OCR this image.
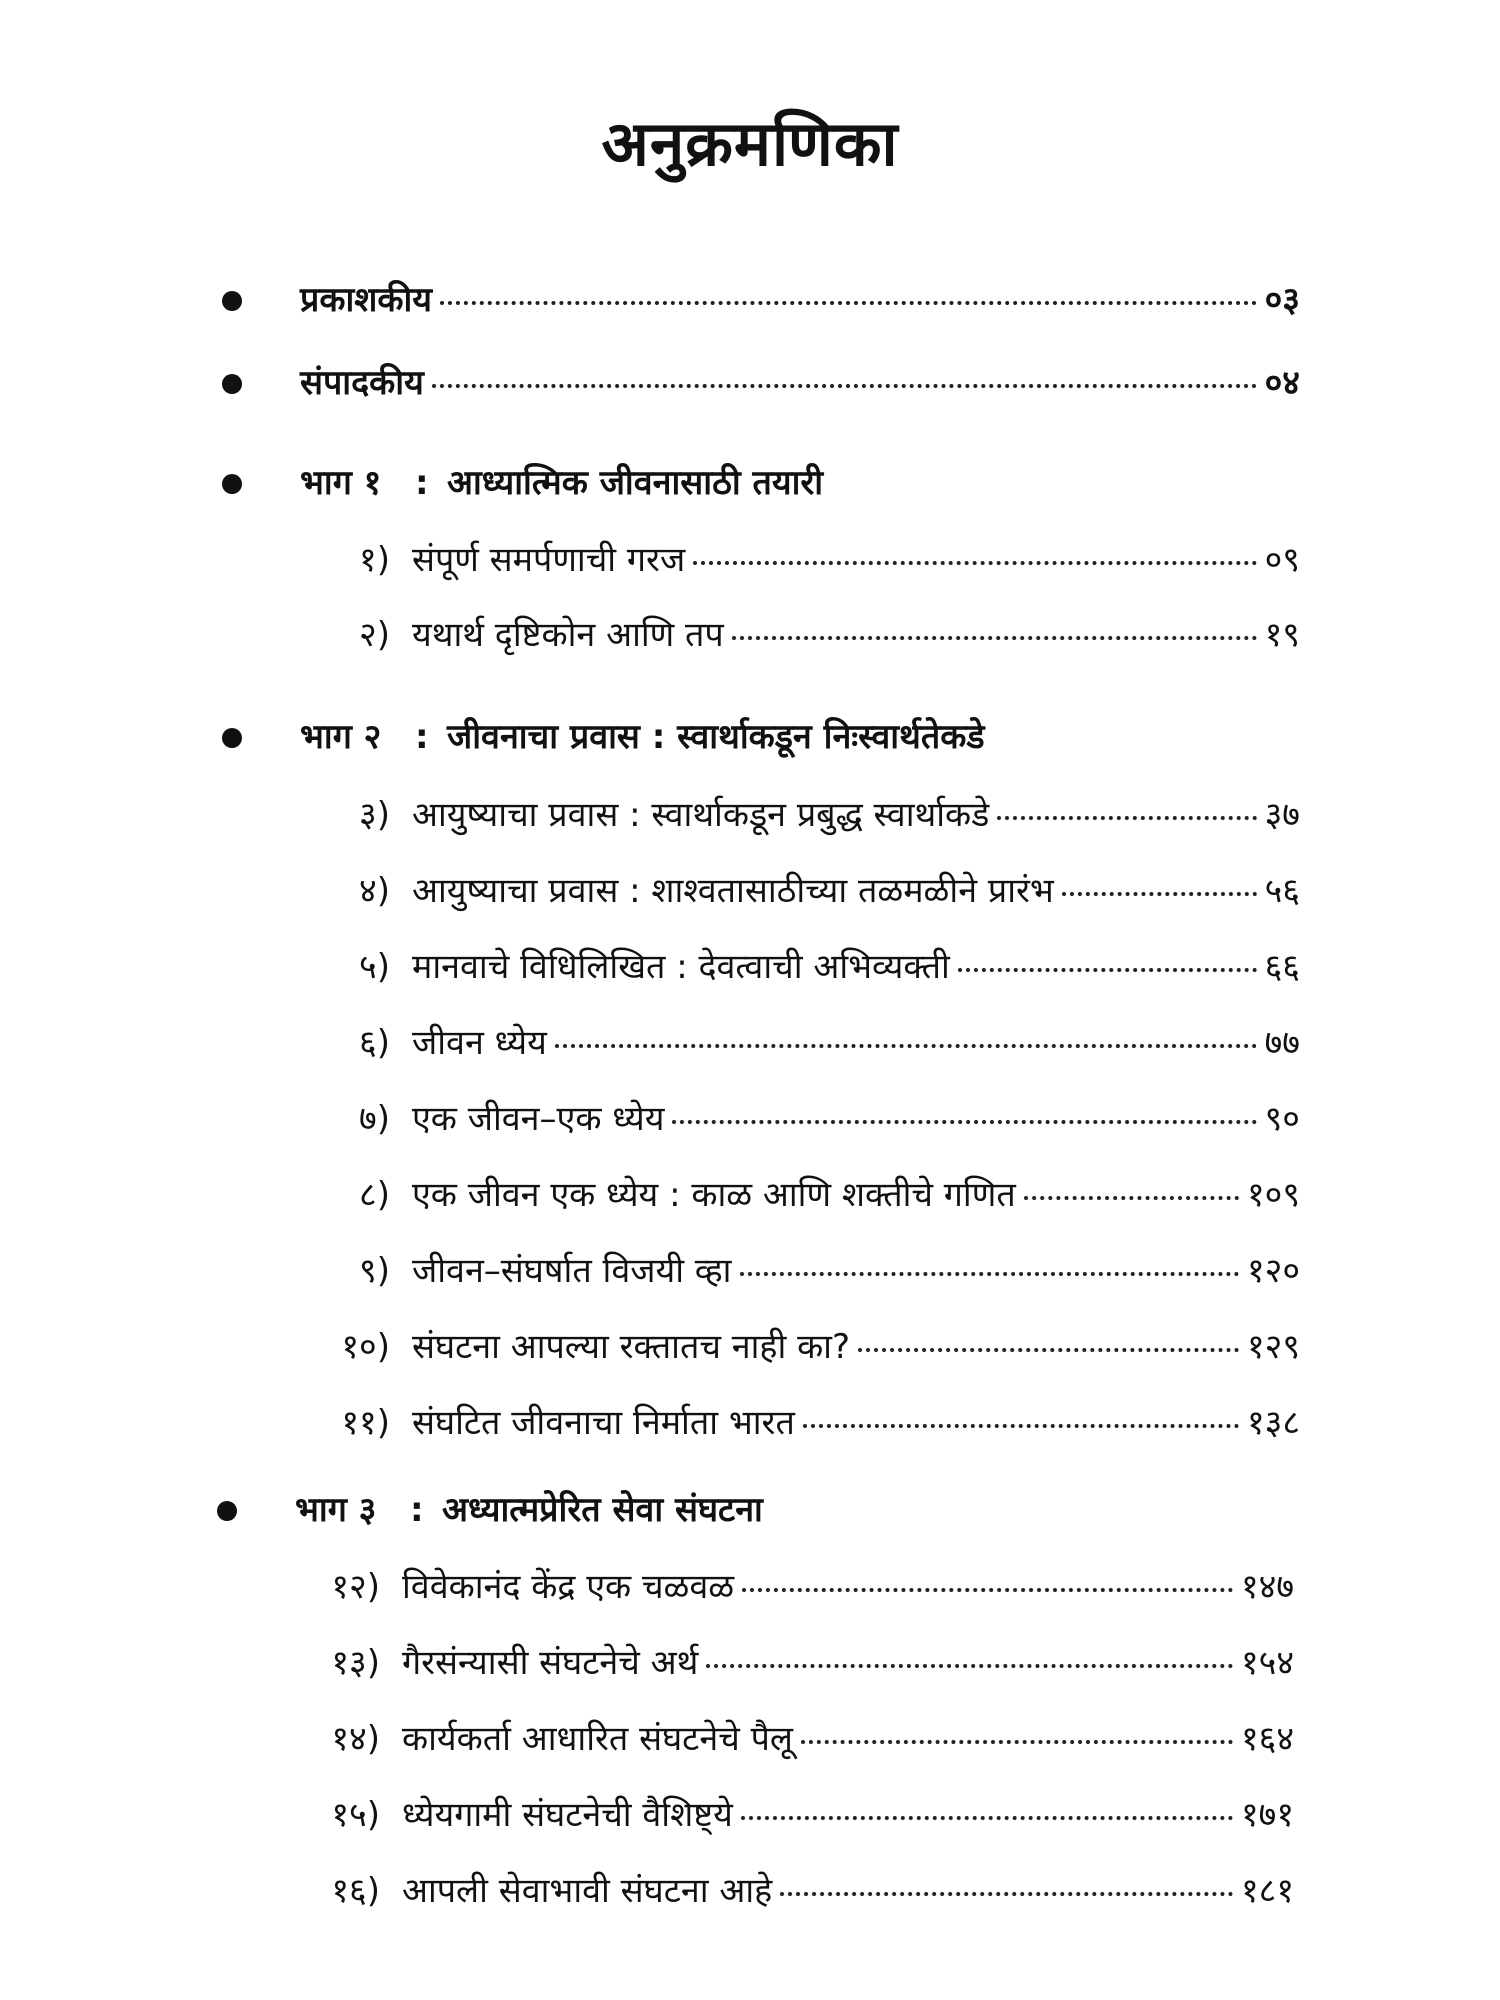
अनुक्रमणिका
प्रकाशकीय	०३
संपादकीय	०४
भाग १ : आध्यात्मिक जीवनासाठी तयारी
१) संपूर्ण समर्पणाची गरज	०९
२) यथार्थ दृष्टिकोन आणि तप	१९
भाग २ : जीवनाचा प्रवास : स्वार्थाकडून निःस्वार्थतेकडे
३) आयुष्याचा प्रवास : स्वार्थाकडून प्रबुद्ध स्वार्थाकडे	३७
४) आयुष्याचा प्रवास : शाश्वतासाठीच्या तळमळीने प्रारंभ	५६
५) मानवाचे विधिलिखित : देवत्वाची अभिव्यक्ती	६६
६) जीवन ध्येय	७७
७) एक जीवन–एक ध्येय	९०
८) एक जीवन एक ध्येय : काळ आणि शक्तीचे गणित	१०९
९) जीवन–संघर्षात विजयी व्हा	१२०
१०) संघटना आपल्या रक्तातच नाही का?	१२९
११) संघटित जीवनाचा निर्माता भारत	१३८
भाग ३ : अध्यात्मप्रेरित सेवा संघटना
१२) विवेकानंद केंद्र एक चळवळ	१४७
१३) गैरसंन्यासी संघटनेचे अर्थ	१५४
१४) कार्यकर्ता आधारित संघटनेचे पैलू	१६४
१५) ध्येयगामी संघटनेची वैशिष्ट्ये	१७१
१६) आपली सेवाभावी संघटना आहे	१८१
